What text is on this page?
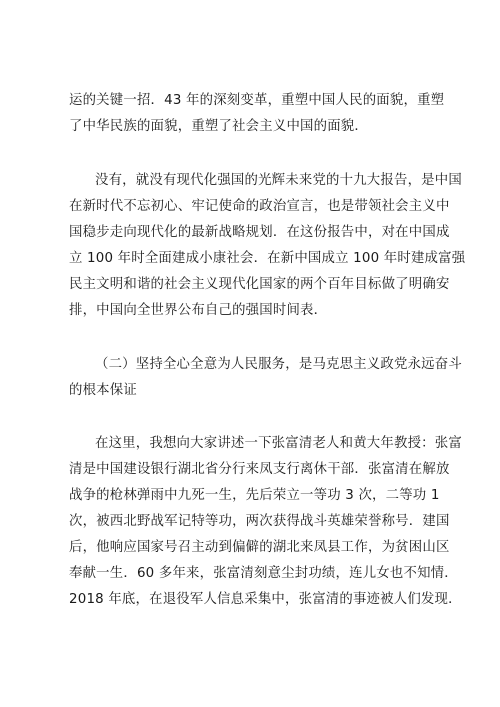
运的关键一招．43 年的深刻变革，重塑中国人民的面貌，重塑
了中华民族的面貌，重塑了社会主义中国的面貌．
没有，就没有现代化强国的光辉未来党的十九大报告，是中国
在新时代不忘初心、牢记使命的政治宣言，也是带领社会主义中
国稳步走向现代化的最新战略规划．在这份报告中，对在中国成
立 100 年时全面建成小康社会．在新中国成立 100 年时建成富强
民主文明和谐的社会主义现代化国家的两个百年目标做了明确安
排，中国向全世界公布自己的强国时间表．
（二）坚持全心全意为人民服务，是马克思主义政党永远奋斗
的根本保证
在这里，我想向大家讲述一下张富清老人和黄大年教授：张富
清是中国建设银行湖北省分行来凤支行离休干部．张富清在解放
战争的枪林弹雨中九死一生，先后荣立一等功 3 次，二等功 1
次，被西北野战军记特等功，两次获得战斗英雄荣誉称号．建国
后，他响应国家号召主动到偏僻的湖北来凤县工作，为贫困山区
奉献一生．60 多年来，张富清刻意尘封功绩，连儿女也不知情．
2018 年底，在退役军人信息采集中，张富清的事迹被人们发现．
